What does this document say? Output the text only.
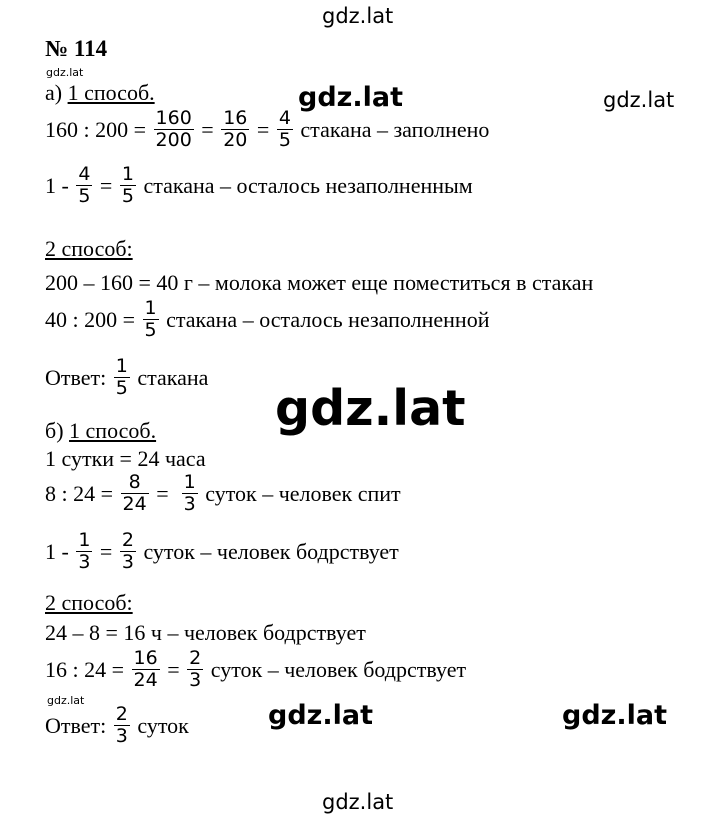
gdz.lat
gdz.lat
gdz.lat	gdz.lat
gdz.lat
gdz.lat	gdz.lat	gdz.lat
gdz.lat
№ 114
а) 1 способ.
160 : $200 = \frac{160}{200} = \frac{16}{20} = \frac{4}{5}$ стакана – заполнено
$1 - \frac{4}{5} = \frac{1}{5}$ стакана – осталось незаполненным
2 способ:
200 – 160 = 40 г – молока может еще поместиться в стакан
40 : $200 = \frac{1}{5}$ стакана – осталось незаполненной
Ответ: $\frac{1}{5}$ стакана
б) 1 способ.
1 сутки = 24 часа
8 : $24 = \frac{8}{24} = \frac{1}{3}$ суток – человек спит
$1 - \frac{1}{3} = \frac{2}{3}$ суток – человек бодрствует
2 способ:
24 – 8 = 16 ч – человек бодрствует
16 : $24 = \frac{16}{24} = \frac{2}{3}$ суток – человек бодрствует
Ответ: $\frac{2}{3}$ суток
